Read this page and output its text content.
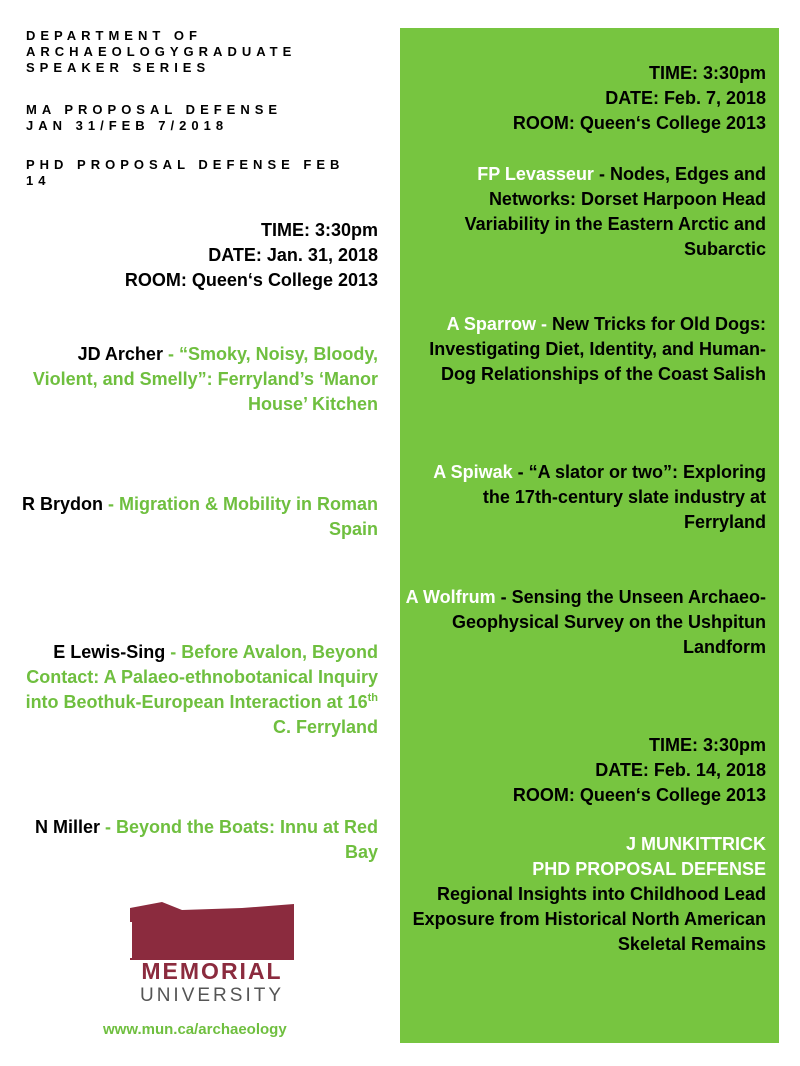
DEPARTMENT OF
ARCHAEOLOGYGRADUATE
SPEAKER SERIES
MA PROPOSAL DEFENSE
JAN 31/FEB 7/2018
PHD PROPOSAL DEFENSE FEB
14
TIME: 3:30pm
DATE: Jan. 31, 2018
ROOM: Queen‘s College 2013
JD Archer - “Smoky, Noisy, Bloody, Violent, and Smelly”: Ferryland’s ‘Manor House’ Kitchen
R Brydon - Migration & Mobility in Roman Spain
E Lewis-Sing - Before Avalon, Beyond Contact: A Palaeo-ethnobotanical Inquiry into Beothuk-European Interaction at 16th C. Ferryland
N Miller - Beyond the Boats: Innu at Red Bay
TIME: 3:30pm
DATE: Feb. 7, 2018
ROOM: Queen‘s College 2013
FP Levasseur - Nodes, Edges and Networks: Dorset Harpoon Head Variability in the Eastern Arctic and Subarctic
A Sparrow - New Tricks for Old Dogs: Investigating Diet, Identity, and Human-Dog Relationships of the Coast Salish
A Spiwak - “A slator or two”: Exploring the 17th-century slate industry at Ferryland
A Wolfrum - Sensing the Unseen Archaeo-Geophysical Survey on the Ushpitun Landform
TIME: 3:30pm
DATE: Feb. 14, 2018
ROOM: Queen‘s College 2013
J MUNKITTRICK
PHD PROPOSAL DEFENSE
Regional Insights into Childhood Lead Exposure from Historical North American Skeletal Remains
MEMORIAL
UNIVERSITY
www.mun.ca/archaeology
